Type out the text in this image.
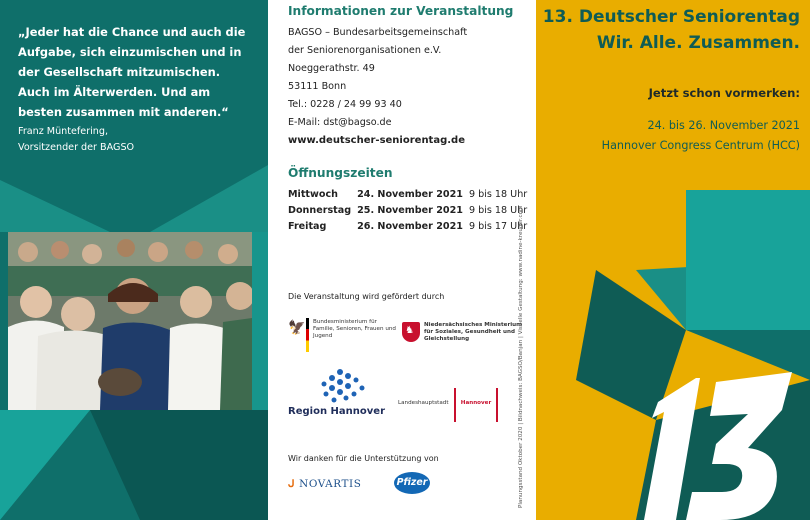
„Jeder hat die Chance und auch die Aufgabe, sich einzumischen und in der Gesellschaft mitzumischen. Auch im Älterwerden. Und am besten zusammen mit anderen.“
Franz Müntefering,
Vorsitzender der BAGSO
Informationen zur Veranstaltung
BAGSO – Bundesarbeitsgemeinschaft
der Seniorenorganisationen e.V.
Noeggerathstr. 49
53111 Bonn
Tel.: 0228 / 24 99 93 40
E-Mail: dst@bagso.de
www.deutscher-seniorentag.de
Öffnungszeiten
Mittwoch	24. November 2021	9 bis 18 Uhr
Donnerstag	25. November 2021	9 bis 18 Uhr
Freitag	26. November 2021	9 bis 17 Uhr
Die Veranstaltung wird gefördert durch
🦅 Bundesministerium für Familie, Senioren, Frauen und Jugend	♞ Niedersächsisches Ministerium für Soziales, Gesundheit und Gleichstellung
Region Hannover
Landeshauptstadt	Hannover
Wir danken für die Unterstützung von
ᒍ NOVARTIS	Pfizer	Planungsstand Oktober 2020 | Bildnachweis: BAGSO/Banjan | Visuelle Gestaltung: www.nadine-kreuder.com
13. Deutscher Seniorentag
Wir. Alle. Zusammen.
Jetzt schon vormerken:
24. bis 26. November 2021
Hannover Congress Centrum (HCC)
